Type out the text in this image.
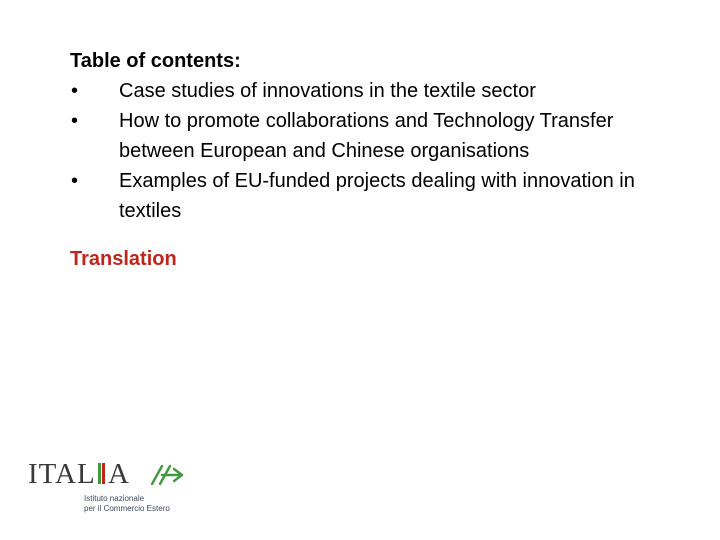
Table of contents:
•	Case studies of innovations in the textile sector
•	How to promote collaborations and Technology Transfer between European and Chinese organisations
•	Examples of EU-funded projects dealing with innovation in textiles
Translation
ITAL A
Istituto nazionale
per il Commercio Estero
